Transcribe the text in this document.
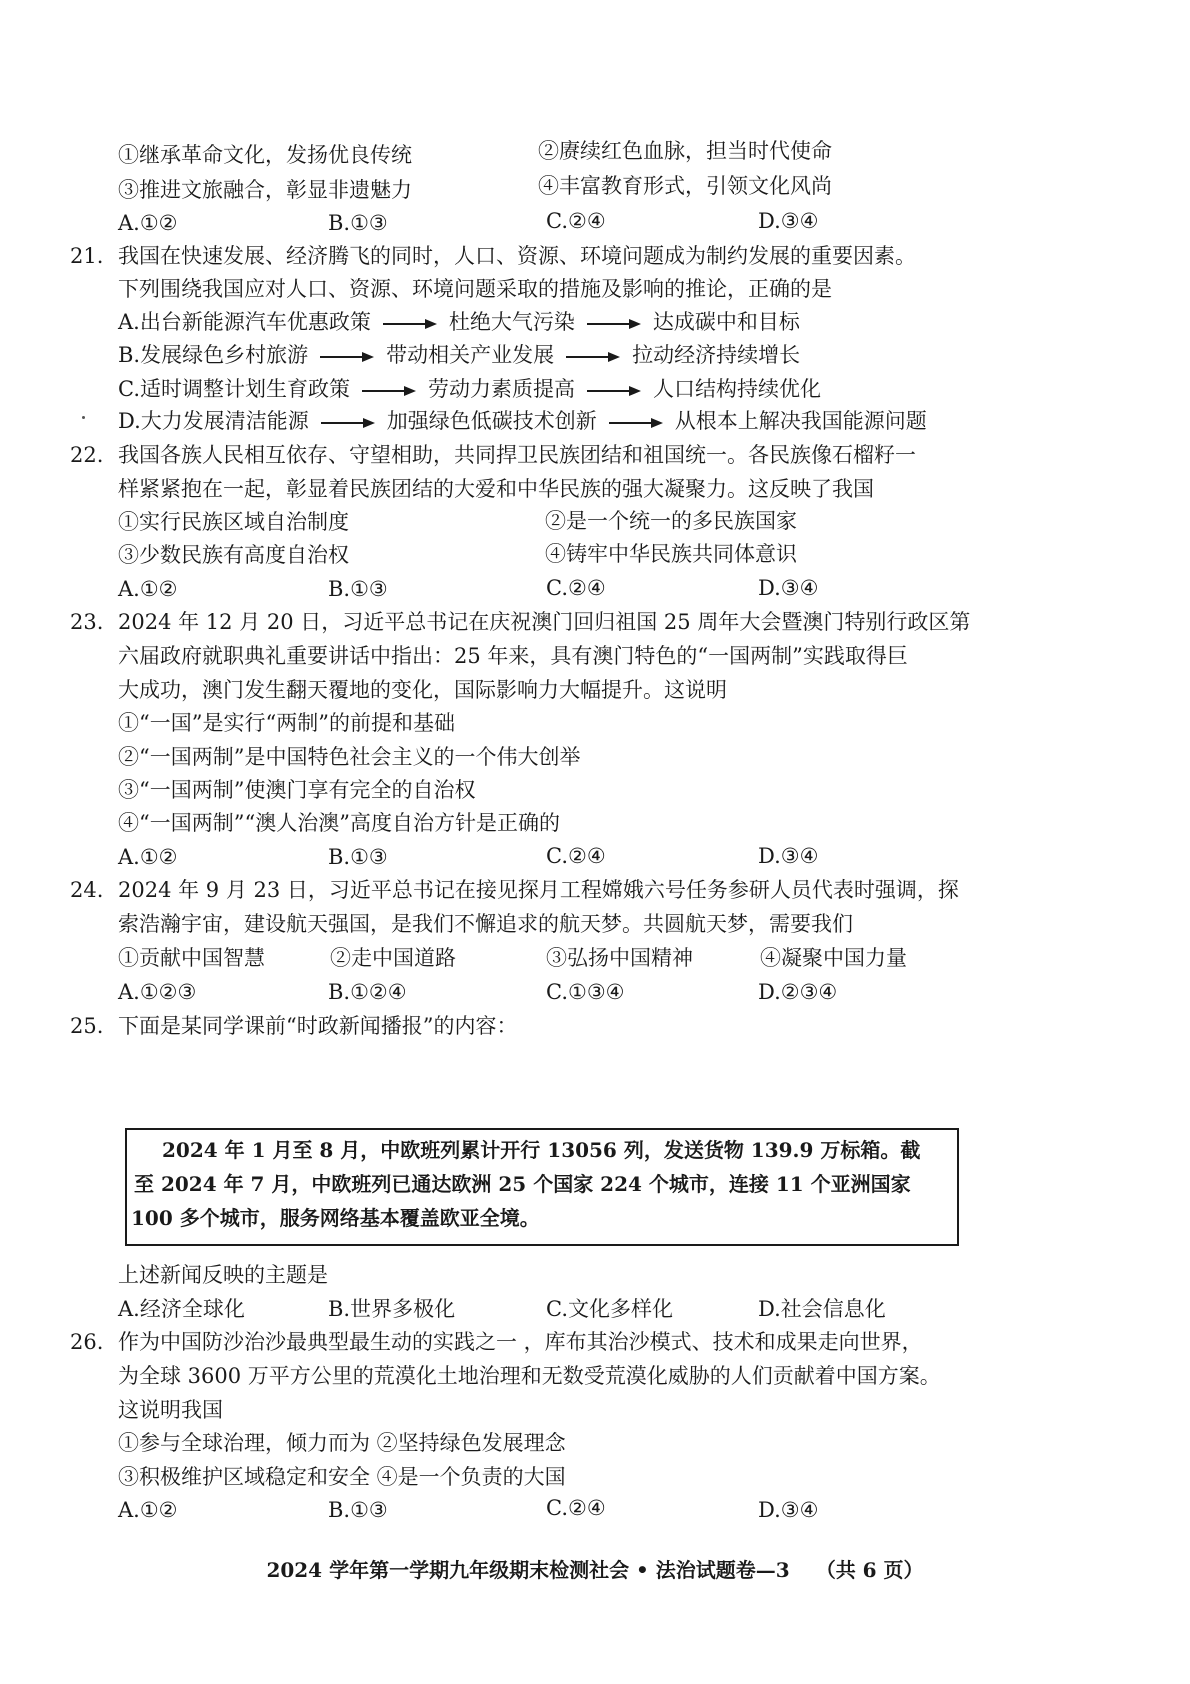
①继承革命文化，发扬优良传统	②赓续红色血脉，担当时代使命
③推进文旅融合，彰显非遗魅力	④丰富教育形式，引领文化风尚
A.①②	B.①③	C.②④	D.③④
21. 我国在快速发展、经济腾飞的同时，人口、资源、环境问题成为制约发展的重要因素。
下列围绕我国应对人口、资源、环境问题采取的措施及影响的推论，正确的是
A.出台新能源汽车优惠政策	杜绝大气污染	达成碳中和目标
B.发展绿色乡村旅游	带动相关产业发展	拉动经济持续增长
C.适时调整计划生育政策	劳动力素质提高	人口结构持续优化
D.大力发展清洁能源	加强绿色低碳技术创新	从根本上解决我国能源问题
22. 我国各族人民相互依存、守望相助，共同捍卫民族团结和祖国统一。各民族像石榴籽一
样紧紧抱在一起，彰显着民族团结的大爱和中华民族的强大凝聚力。这反映了我国
①实行民族区域自治制度	②是一个统一的多民族国家
③少数民族有高度自治权	④铸牢中华民族共同体意识
A.①②	B.①③	C.②④	D.③④
23. 2024 年 12 月 20 日，习近平总书记在庆祝澳门回归祖国 25 周年大会暨澳门特别行政区第
六届政府就职典礼重要讲话中指出：25 年来，具有澳门特色的“一国两制”实践取得巨
大成功，澳门发生翻天覆地的变化，国际影响力大幅提升。这说明
①“一国”是实行“两制”的前提和基础
②“一国两制”是中国特色社会主义的一个伟大创举
③“一国两制”使澳门享有完全的自治权
④“一国两制”“澳人治澳”高度自治方针是正确的
A.①②	B.①③	C.②④	D.③④
24. 2024 年 9 月 23 日，习近平总书记在接见探月工程嫦娥六号任务参研人员代表时强调，探
索浩瀚宇宙，建设航天强国，是我们不懈追求的航天梦。共圆航天梦，需要我们
①贡献中国智慧	②走中国道路	③弘扬中国精神	④凝聚中国力量
A.①②③	B.①②④	C.①③④	D.②③④
25. 下面是某同学课前“时政新闻播报”的内容：
2024 年 1 月至 8 月，中欧班列累计开行 13056 列，发送货物 139.9 万标箱。截
至 2024 年 7 月，中欧班列已通达欧洲 25 个国家 224 个城市，连接 11 个亚洲国家
100 多个城市，服务网络基本覆盖欧亚全境。
上述新闻反映的主题是
A.经济全球化	B.世界多极化	C.文化多样化	D.社会信息化
26. 作为中国防沙治沙最典型最生动的实践之一 ，库布其治沙模式、技术和成果走向世界，
为全球 3600 万平方公里的荒漠化土地治理和无数受荒漠化威胁的人们贡献着中国方案。
这说明我国
①参与全球治理，倾力而为 ②坚持绿色发展理念
③积极维护区域稳定和安全 ④是一个负责的大国
A.①②	B.①③	C.②④	D.③④
2024 学年第一学期九年级期末检测社会 • 法治试题卷—3 （共 6 页）
